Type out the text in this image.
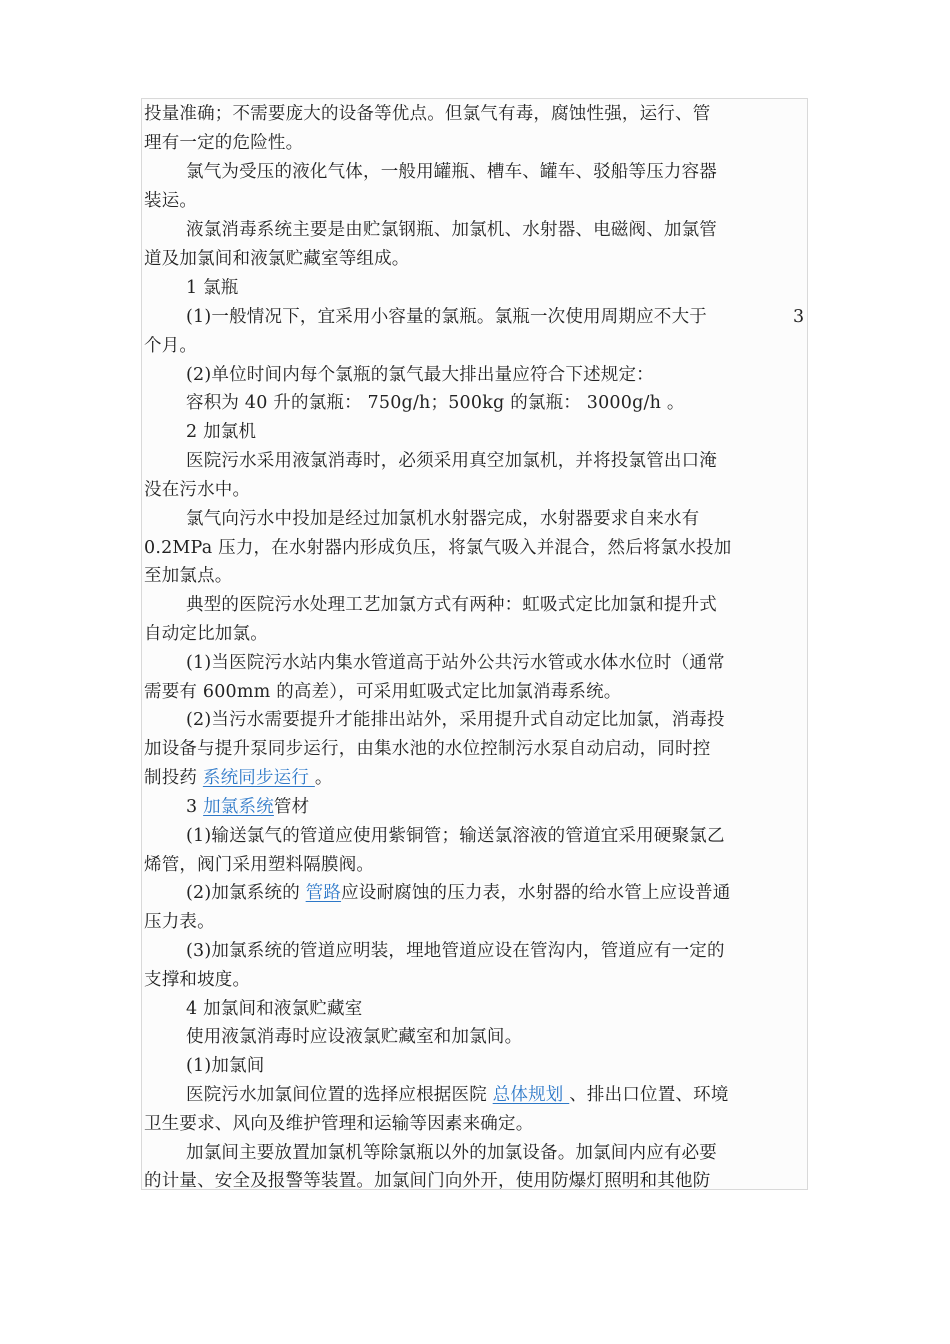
投量准确；不需要庞大的设备等优点。但氯气有毒，腐蚀性强，运行、管
理有一定的危险性。
氯气为受压的液化气体，一般用罐瓶、槽车、罐车、驳船等压力容器
装运。
液氯消毒系统主要是由贮氯钢瓶、加氯机、水射器、电磁阀、加氯管
道及加氯间和液氯贮藏室等组成。
1 氯瓶
(1)一般情况下，宜采用小容量的氯瓶。氯瓶一次使用周期应不大于	3
个月。
(2)单位时间内每个氯瓶的氯气最大排出量应符合下述规定：
容积为 40 升的氯瓶： 750g/h；500kg 的氯瓶： 3000g/h 。
2 加氯机
医院污水采用液氯消毒时，必须采用真空加氯机，并将投氯管出口淹
没在污水中。
氯气向污水中投加是经过加氯机水射器完成，水射器要求自来水有
0.2MPa 压力，在水射器内形成负压，将氯气吸入并混合，然后将氯水投加
至加氯点。
典型的医院污水处理工艺加氯方式有两种：虹吸式定比加氯和提升式
自动定比加氯。
(1)当医院污水站内集水管道高于站外公共污水管或水体水位时（通常
需要有 600mm 的高差），可采用虹吸式定比加氯消毒系统。
(2)当污水需要提升才能排出站外，采用提升式自动定比加氯，消毒投
加设备与提升泵同步运行，由集水池的水位控制污水泵自动启动，同时控
制投药 系统同步运行 。
3 加氯系统管材
(1)输送氯气的管道应使用紫铜管；输送氯溶液的管道宜采用硬聚氯乙
烯管，阀门采用塑料隔膜阀。
(2)加氯系统的 管路应设耐腐蚀的压力表，水射器的给水管上应设普通
压力表。
(3)加氯系统的管道应明装，埋地管道应设在管沟内，管道应有一定的
支撑和坡度。
4 加氯间和液氯贮藏室
使用液氯消毒时应设液氯贮藏室和加氯间。
(1)加氯间
医院污水加氯间位置的选择应根据医院 总体规划 、排出口位置、环境
卫生要求、风向及维护管理和运输等因素来确定。
加氯间主要放置加氯机等除氯瓶以外的加氯设备。加氯间内应有必要
的计量、安全及报警等装置。加氯间门向外开，使用防爆灯照明和其他防
